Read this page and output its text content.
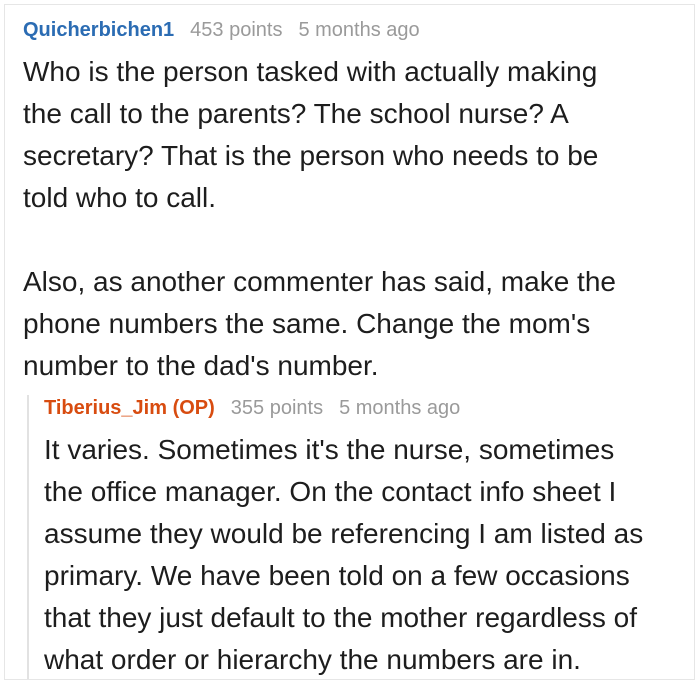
Quicherbichen1 453 points 5 months ago

Who is the person tasked with actually making the call to the parents? The school nurse? A secretary? That is the person who needs to be told who to call.

Also, as another commenter has said, make the phone numbers the same. Change the mom's number to the dad's number.

Tiberius_Jim (OP) 355 points 5 months ago

It varies. Sometimes it's the nurse, sometimes the office manager. On the contact info sheet I assume they would be referencing I am listed as primary. We have been told on a few occasions that they just default to the mother regardless of what order or hierarchy the numbers are in.
